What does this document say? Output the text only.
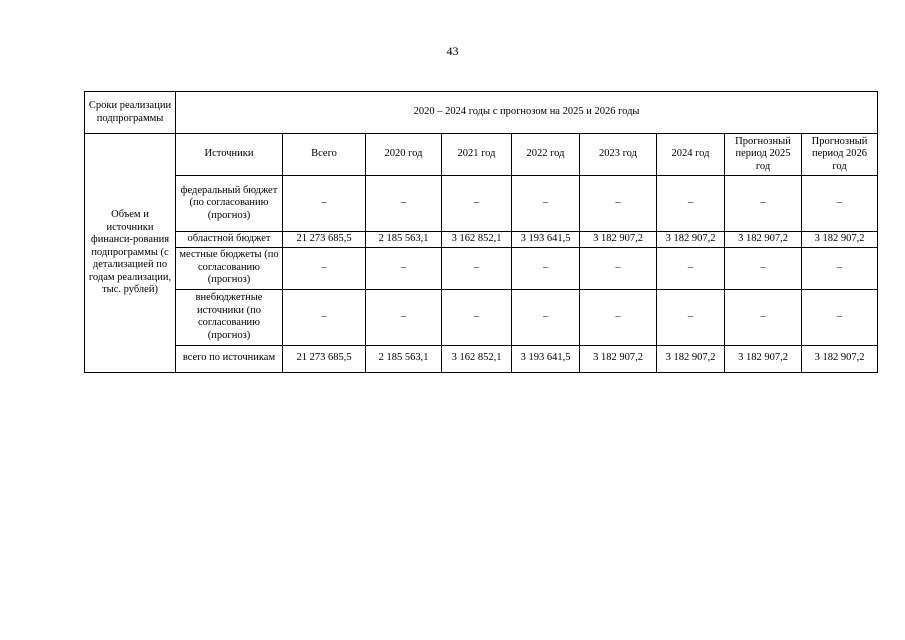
43
Сроки реализации подпрограммы	2020 – 2024 годы с прогнозом на 2025 и 2026 годы								
Объем и источники финанси-рования подпрограммы (с детализацией по годам реализации, тыс. рублей)	Источники	Всего	2020 год	2021 год	2022 год	2023 год	2024 год	Прогнозный период 2025 год	Прогнозный период 2026 год
	федеральный бюджет (по согласованию (прогноз)	–	–	–	–	–	–	–	–
	областной бюджет	21 273 685,5	2 185 563,1	3 162 852,1	3 193 641,5	3 182 907,2	3 182 907,2	3 182 907,2	3 182 907,2
	местные бюджеты (по согласованию (прогноз)	–	–	–	–	–	–	–	–
	внебюджетные источники (по согласованию (прогноз)	–	–	–	–	–	–	–	–
	всего по источникам	21 273 685,5	2 185 563,1	3 162 852,1	3 193 641,5	3 182 907,2	3 182 907,2	3 182 907,2	3 182 907,2
